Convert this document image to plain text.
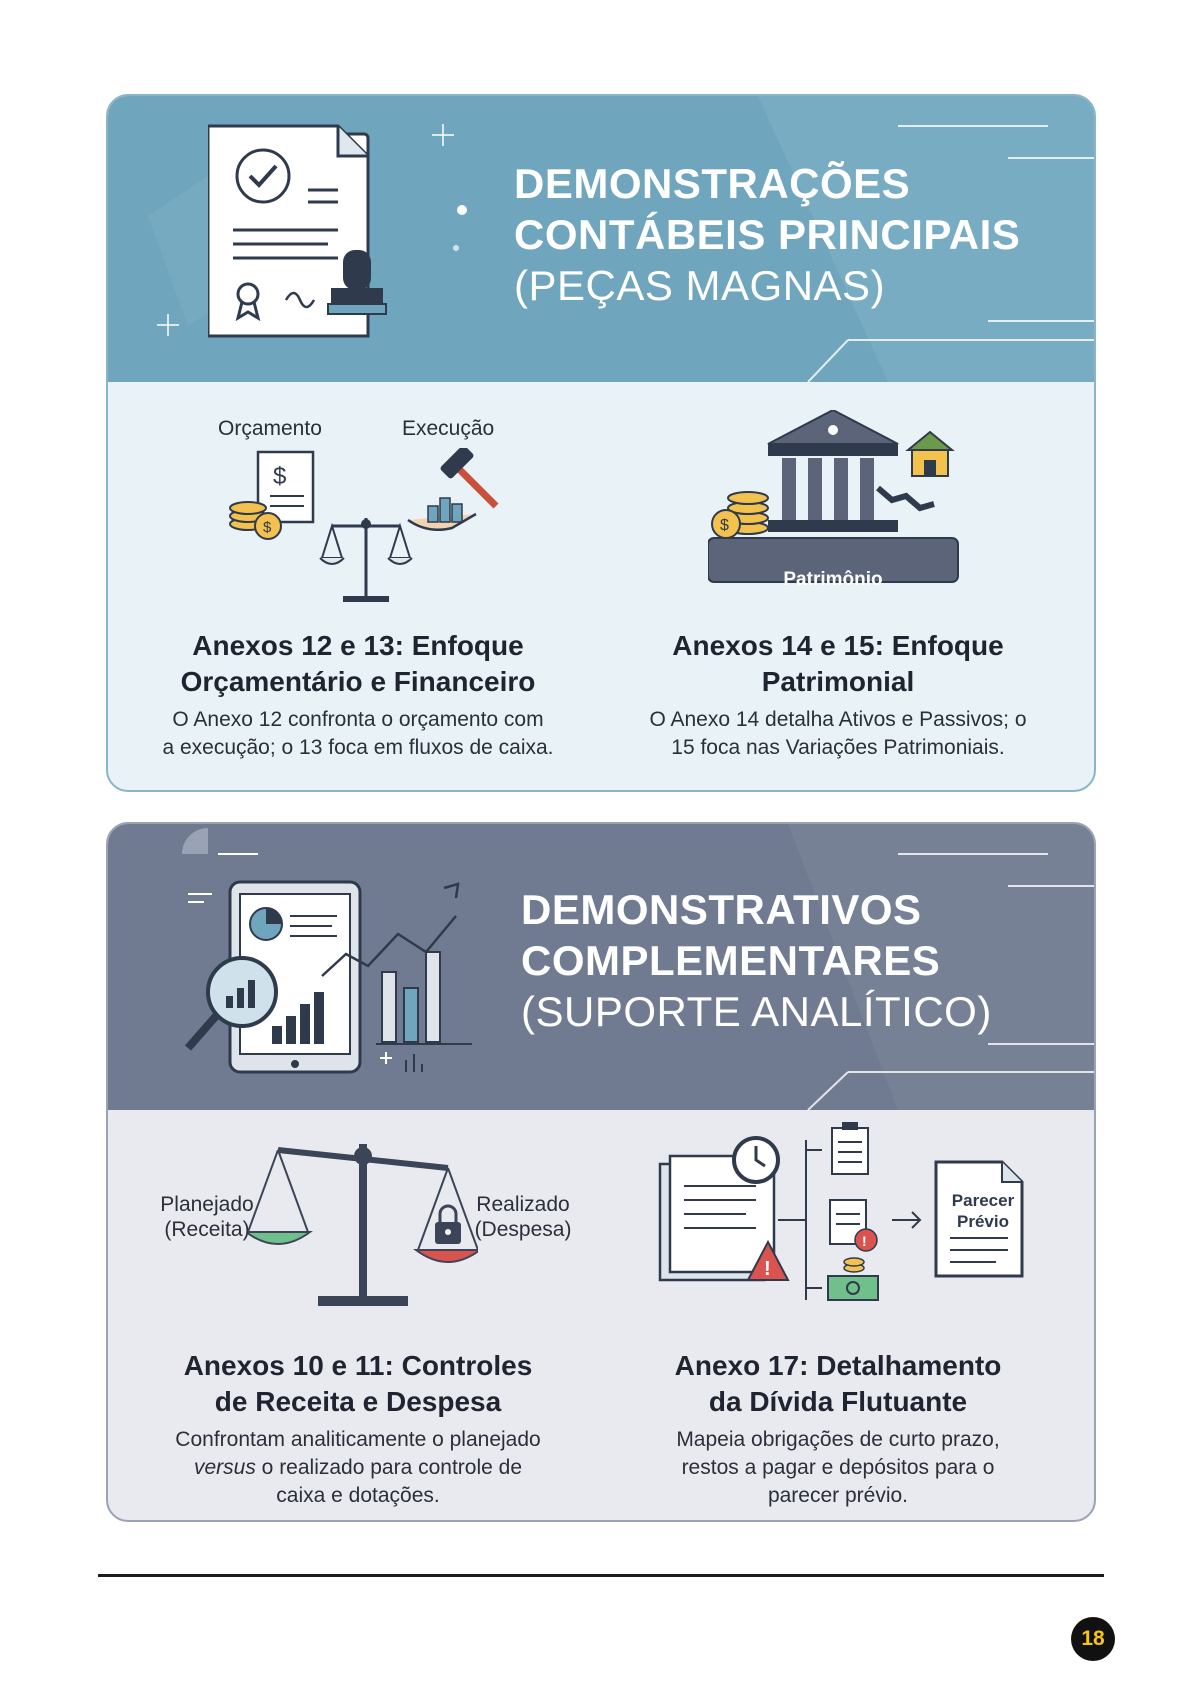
DEMONSTRAÇÕES
CONTÁBEIS PRINCIPAIS
(PEÇAS MAGNAS)
Orçamento	Execução
$
$
Anexos 12 e 13: Enfoque
Orçamentário e Financeiro
O Anexo 12 confronta o orçamento com
a execução; o 13 foca em fluxos de caixa.
$
Patrimônio
Anexos 14 e 15: Enfoque
Patrimonial
O Anexo 14 detalha Ativos e Passivos; o
15 foca nas Variações Patrimoniais.
DEMONSTRATIVOS
COMPLEMENTARES
(SUPORTE ANALÍTICO)
Planejado
(Receita)
Realizado
(Despesa)
Anexos 10 e 11: Controles
de Receita e Despesa
Confrontam analiticamente o planejado
versus o realizado para controle de
caixa e dotações.
!
!
Parecer
Prévio
Anexo 17: Detalhamento
da Dívida Flutuante
Mapeia obrigações de curto prazo,
restos a pagar e depósitos para o
parecer prévio.
18
